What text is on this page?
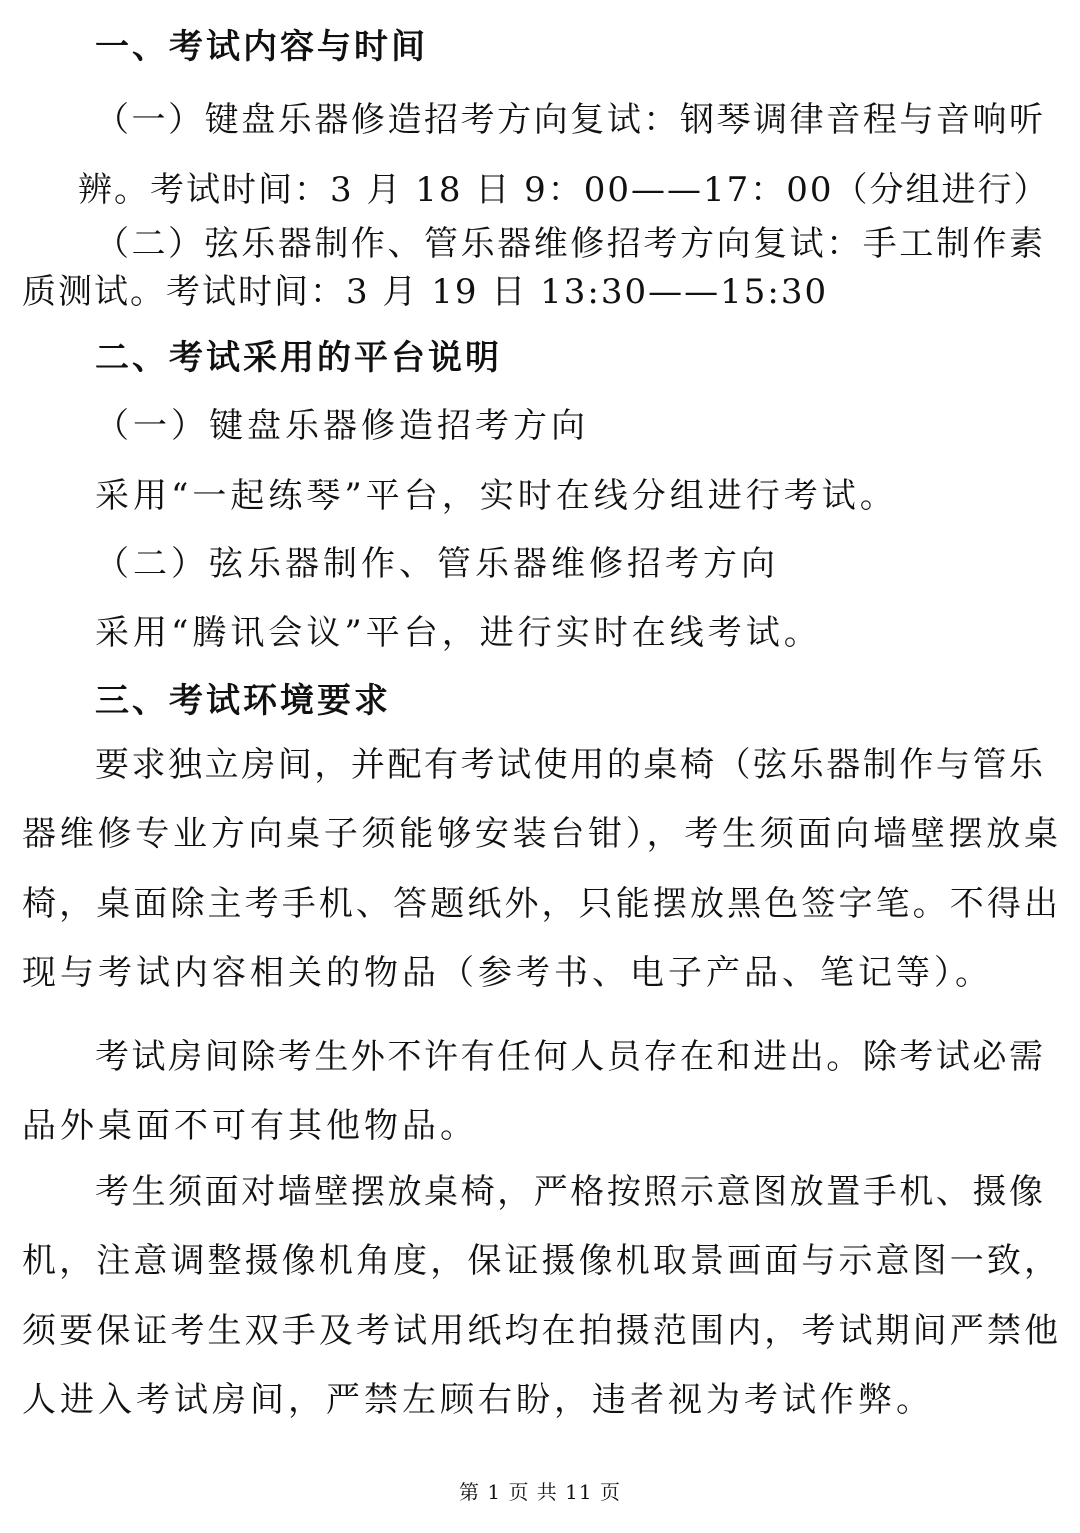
一、考试内容与时间
（一）键盘乐器修造招考方向复试：钢琴调律音程与音响听
辨。考试时间：3 月 18 日 9：00——17：00（分组进行）
（二）弦乐器制作、管乐器维修招考方向复试：手工制作素
质测试。考试时间：3 月 19 日 13:30——15:30
二、考试采用的平台说明
（一）键盘乐器修造招考方向
采用“一起练琴”平台，实时在线分组进行考试。
（二）弦乐器制作、管乐器维修招考方向
采用“腾讯会议”平台，进行实时在线考试。
三、考试环境要求
要求独立房间，并配有考试使用的桌椅（弦乐器制作与管乐
器维修专业方向桌子须能够安装台钳），考生须面向墙壁摆放桌
椅，桌面除主考手机、答题纸外，只能摆放黑色签字笔。不得出
现与考试内容相关的物品（参考书、电子产品、笔记等）。
考试房间除考生外不许有任何人员存在和进出。除考试必需
品外桌面不可有其他物品。
考生须面对墙壁摆放桌椅，严格按照示意图放置手机、摄像
机，注意调整摄像机角度，保证摄像机取景画面与示意图一致，
须要保证考生双手及考试用纸均在拍摄范围内，考试期间严禁他
人进入考试房间，严禁左顾右盼，违者视为考试作弊。
第 1 页 共 11 页
